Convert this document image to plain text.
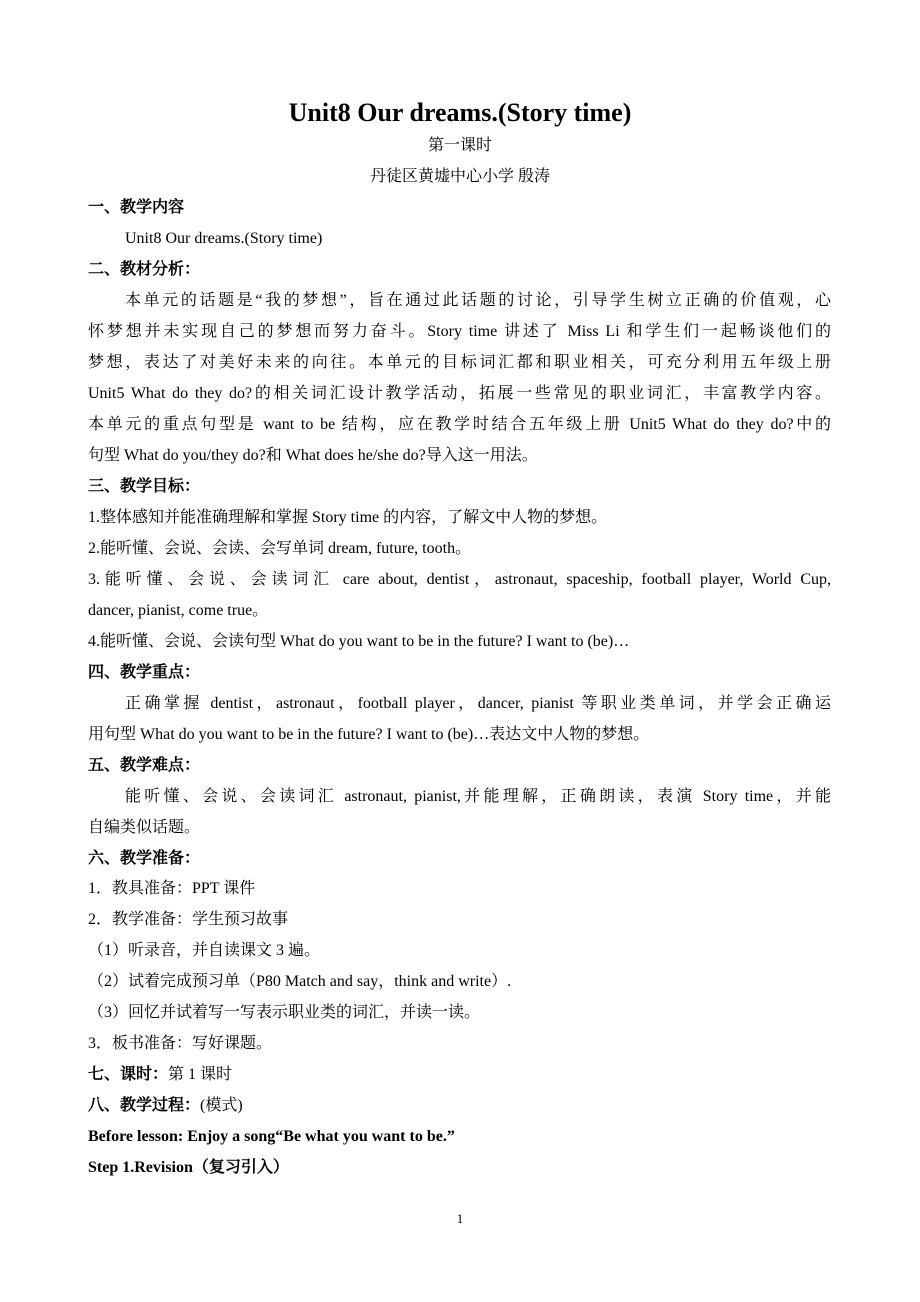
Unit8 Our dreams.(Story time)
第一课时
丹徒区黄墟中心小学 殷涛
一、教学内容
Unit8 Our dreams.(Story time)
二、教材分析：
本单元的话题是“我的梦想”，旨在通过此话题的讨论，引导学生树立正确的价值观，心
怀梦想并未实现自己的梦想而努力奋斗。Story time 讲述了 Miss Li 和学生们一起畅谈他们的
梦想，表达了对美好未来的向往。本单元的目标词汇都和职业相关，可充分利用五年级上册
Unit5 What do they do?的相关词汇设计教学活动，拓展一些常见的职业词汇，丰富教学内容。
本单元的重点句型是 want to be 结构，应在教学时结合五年级上册 Unit5 What do they do?中的
句型 What do you/they do?和 What does he/she do?导入这一用法。
三、教学目标：
1.整体感知并能准确理解和掌握 Story time 的内容，了解文中人物的梦想。
2.能听懂、会说、会读、会写单词 dream, future, tooth。
3.能听懂、会说、会读词汇 care about, dentist，astronaut, spaceship, football player, World Cup,
dancer, pianist, come true。
4.能听懂、会说、会读句型 What do you want to be in the future? I want to (be)…
四、教学重点：
正确掌握 dentist，astronaut，football player，dancer, pianist 等职业类单词，并学会正确运
用句型 What do you want to be in the future? I want to (be)…表达文中人物的梦想。
五、教学难点：
能听懂、会说、会读词汇 astronaut, pianist,并能理解，正确朗读，表演 Story time，并能
自编类似话题。
六、教学准备：
1．教具准备：PPT 课件
2．教学准备：学生预习故事
（1）听录音，并自读课文 3 遍。
（2）试着完成预习单（P80 Match and say，think and write）.
（3）回忆并试着写一写表示职业类的词汇，并读一读。
3．板书准备：写好课题。
七、课时：第 1 课时
八、教学过程：(模式)
Before lesson: Enjoy a song“Be what you want to be.”
Step 1.Revision（复习引入）
1
